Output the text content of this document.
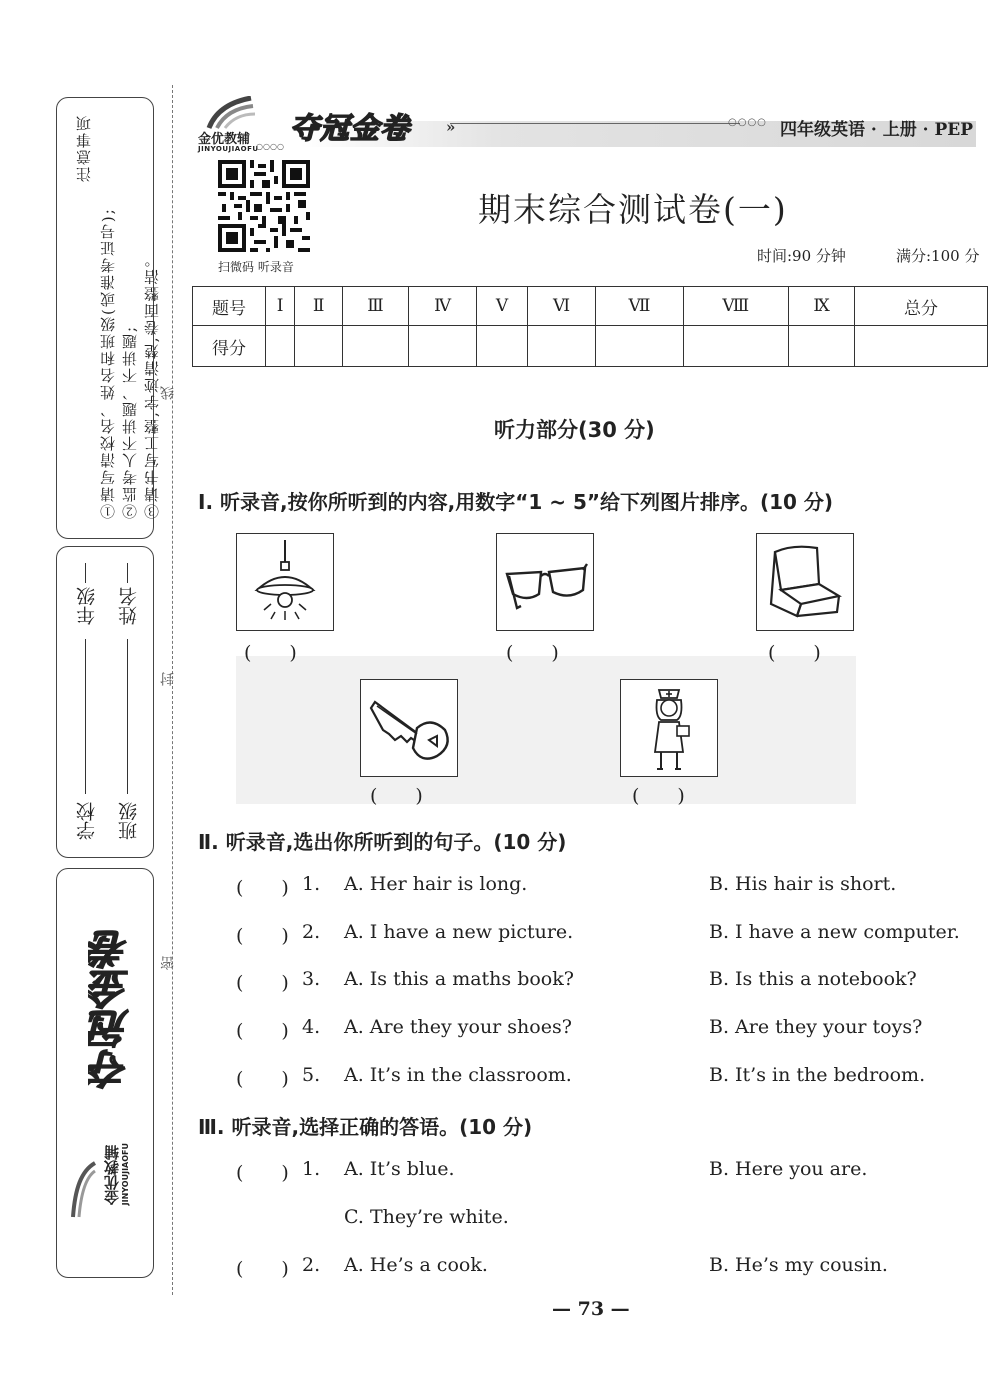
注意事项
①请写清校名、姓名和班级(或准考证号); ②监考人不讲题、不讲题; ③请书写工整,字迹清楚,卷面整洁。
学校
年级
班级
姓名
夺冠金卷
金优教辅 JINYOUJIAOFU
线
封
密
金优教辅
JINYOUJIAOFU
○○○○
夺冠金卷 »	○○○○ 四年级英语 · 上册 · PEP
扫微码 听录音
期末综合测试卷(一)
时间:90 分钟	满分:100 分
题号	Ⅰ	Ⅱ	Ⅲ	Ⅳ	Ⅴ	Ⅵ	Ⅶ	Ⅷ	Ⅸ	总分
得分										
听力部分(30 分)
Ⅰ. 听录音,按你所听到的内容,用数字“1 ~ 5”给下列图片排序。(10 分)
(　　)	(　　)	(　　)
(　　)	(　　)
Ⅱ. 听录音,选出你所听到的句子。(10 分)
(　　) 1. A. Her hair is long.	B. His hair is short.
(　　) 2. A. I have a new picture.	B. I have a new computer.
(　　) 3. A. Is this a maths book?	B. Is this a notebook?
(　　) 4. A. Are they your shoes?	B. Are they your toys?
(　　) 5. A. It’s in the classroom.	B. It’s in the bedroom.
Ⅲ. 听录音,选择正确的答语。(10 分)
(　　) 1. A. It’s blue.	B. Here you are.
C. They’re white.
(　　) 2. A. He’s a cook.	B. He’s my cousin.
— 73 —
